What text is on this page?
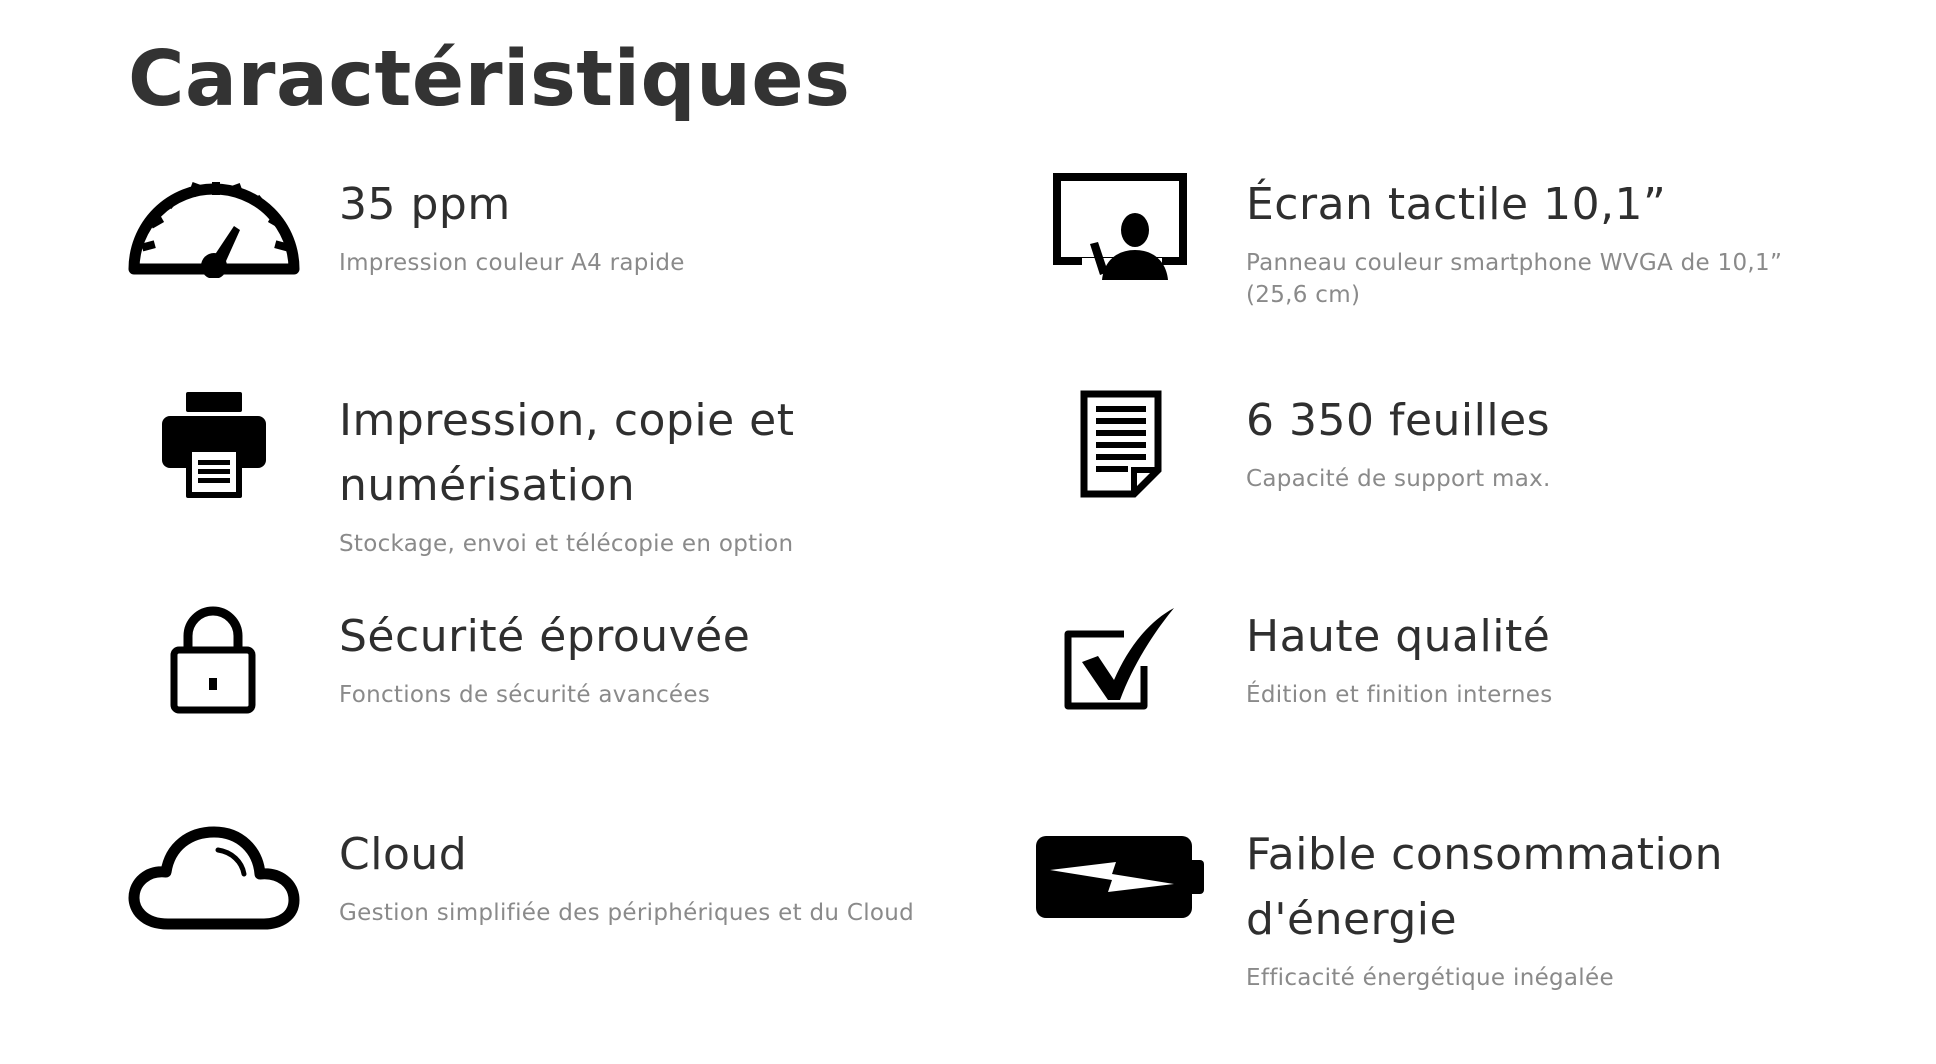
Caractéristiques

35 ppm

Impression couleur A4 rapide

Écran tactile 10,1”

Panneau couleur smartphone WVGA de 10,1” (25,6 cm)

Impression, copie et numérisation

Stockage, envoi et télécopie en option

6 350 feuilles

Capacité de support max.

Sécurité éprouvée

Fonctions de sécurité avancées

Haute qualité

Édition et finition internes

Cloud

Gestion simplifiée des périphériques et du Cloud

Faible consommation d'énergie

Efficacité énergétique inégalée
